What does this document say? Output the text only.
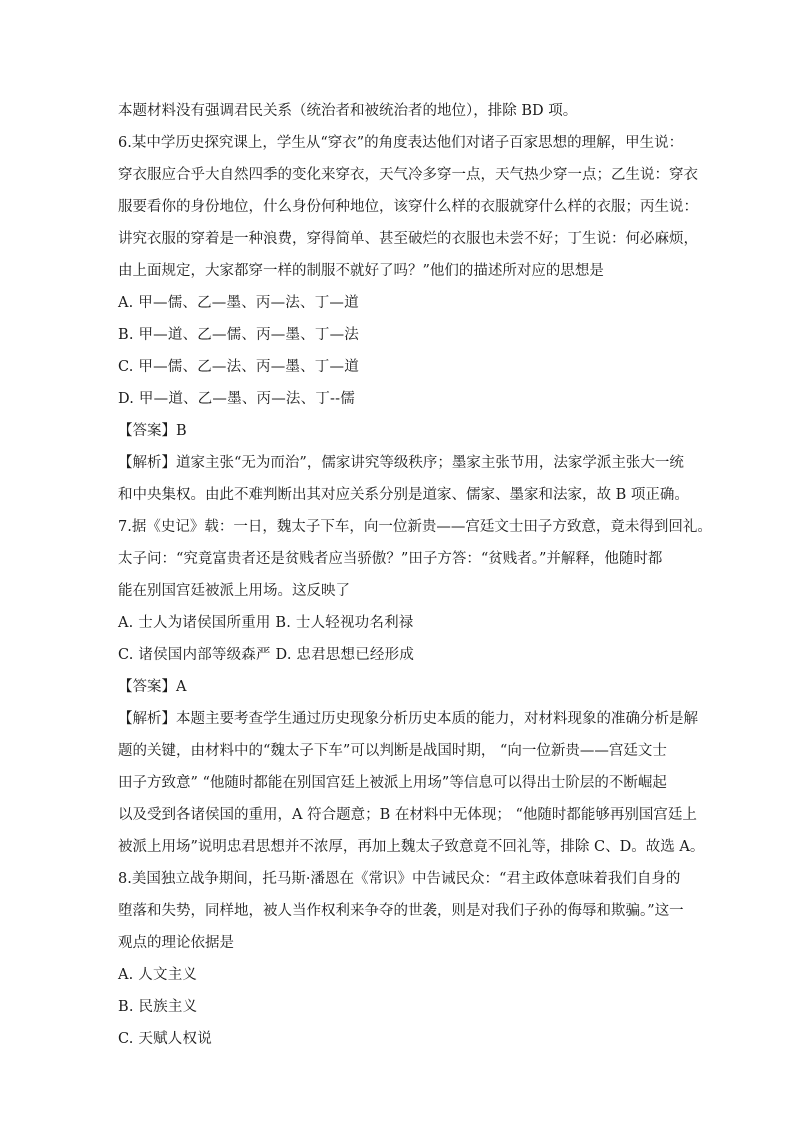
本题材料没有强调君民关系（统治者和被统治者的地位），排除 BD 项。
6.某中学历史探究课上，学生从“穿衣”的角度表达他们对诸子百家思想的理解，甲生说：
穿衣服应合乎大自然四季的变化来穿衣，天气冷多穿一点，天气热少穿一点；乙生说：穿衣
服要看你的身份地位，什么身份何种地位，该穿什么样的衣服就穿什么样的衣服；丙生说：
讲究衣服的穿着是一种浪费，穿得简单、甚至破烂的衣服也未尝不好；丁生说：何必麻烦，
由上面规定，大家都穿一样的制服不就好了吗？”他们的描述所对应的思想是
A. 甲—儒、乙—墨、丙—法、丁—道
B. 甲—道、乙—儒、丙—墨、丁—法
C. 甲—儒、乙—法、丙—墨、丁—道
D. 甲—道、乙—墨、丙—法、丁--儒
【答案】B
【解析】道家主张“无为而治”，儒家讲究等级秩序；墨家主张节用，法家学派主张大一统
和中央集权。由此不难判断出其对应关系分别是道家、儒家、墨家和法家，故 B 项正确。
7.据《史记》载：一日，魏太子下车，向一位新贵——宫廷文士田子方致意，竟未得到回礼。
太子问：“究竟富贵者还是贫贱者应当骄傲？”田子方答：“贫贱者。”并解释，他随时都
能在别国宫廷被派上用场。这反映了
A. 士人为诸侯国所重用 B. 士人轻视功名利禄
C. 诸侯国内部等级森严 D. 忠君思想已经形成
【答案】A
【解析】本题主要考查学生通过历史现象分析历史本质的能力，对材料现象的准确分析是解
题的关键，由材料中的“魏太子下车”可以判断是战国时期， “向一位新贵——宫廷文士
田子方致意” “他随时都能在别国宫廷上被派上用场”等信息可以得出士阶层的不断崛起
以及受到各诸侯国的重用，A 符合题意；B 在材料中无体现； “他随时都能够再别国宫廷上
被派上用场”说明忠君思想并不浓厚，再加上魏太子致意竟不回礼等，排除 C、D。故选 A。
8.美国独立战争期间，托马斯·潘恩在《常识》中告诫民众：“君主政体意味着我们自身的
堕落和失势，同样地，被人当作权利来争夺的世袭，则是对我们子孙的侮辱和欺骗。”这一
观点的理论依据是
A. 人文主义
B. 民族主义
C. 天赋人权说
